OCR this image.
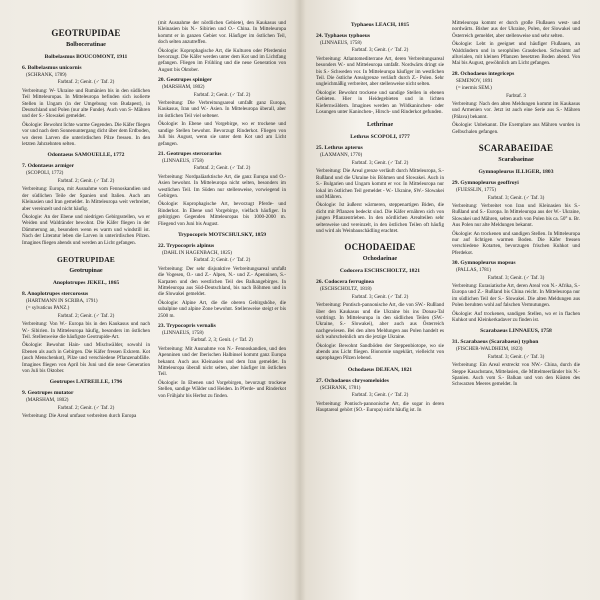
GEOTRUPIDAE
Bolboceratinae
Bolbelasmus BOUCOMONT, 1911
6. Bolbelasmus unicornis
(SCHRANK, 1789)
Farbtaf. 2; Genit. (♂ Taf. 2)

Verbreitung: W- Ukraine und Rumänien bis in den südlichen Teil Mitteleuropas. In Mitteleuropa befinden sich isolierte Stellen in Ungarn (in der Umgebung von Budapest), in Deutschland und Polen (nur alte Funde). Auch von S- Mähren und der S.- Slowakei gemeldet.

Ökologie: Bewohnt lichte warme Gegenden. Die Käfer fliegen vor und nach dem Sonnenuntergang dicht über dem Erdboden, wo deren Larven die unterirdischen Pilze fressen. In den letzten Jahrzehnten selten.

Odontaeus SAMOUELLE, 1772
7. Odontaeus armiger
(SCOPOLI, 1772)
Farbtaf. 2; Genit. (♂ Taf. 2)

Verbreitung: Europa, mit Ausnahme vom Fennoskandien und der südlichen Teile der Spanien und Italien. Auch am Kleinasien und Iran gemeldet. In Mitteleuropa weit verbreitet, aber vereinzelt und nicht häufig.

Ökologie: An der Ebene und niedrigen Gebirgsstellen, wo er Weiden und Waldränder bewohnt. Die Käfer fliegen in der Dämmerung an, besonders wenn es warm und windstill ist. Nach der Literatur leben die Larven in unterirdischen Pilzen. Imagines fliegen abends und werden an Licht gefangen.

GEOTRUPIDAE
Geotrupinae
Anoplotrupes JEKEL, 1865
8. Anoplotrupes stercorosus
(HARTMANN IN SCRIBA, 1791)
(= sylvaticus PANZ.)
Farbtaf. 2; Genit. (♂ Taf. 2)

Verbreitung: Von W.- Europa bis in den Kaukasus und nach W.- Sibirien. In Mitteleuropa häufig, besonders im östlichen Teil. Stellenweise die häufigste Geotrupide-Art.

Ökologie: Bewohnt Hain- und Mischwälder, sowohl in Ebenen als auch in Gebirgen. Die Käfer fressen Exkrem. Kot (auch Menschenkot), Pilze und verschiedene Pflanzenabfälle. Imagines fliegen von April bis Juni und die neue Generation von Juli bis Oktober.

Geotrupes LATREILLE, 1796
9. Geotrupes mutator
(MARSHAM, 1802)
Farbtaf. 2; Genit. (♂ Taf. 2)

Verbreitung: Die Areal umfasst verbreiten durch Europa

(mit Ausnahme der nördlichen Gebiete), den Kaukasus und Kleinasien bis N.- Sibirien und O.- China. In Mitteleuropa kommt er in ganzen Gebiet vor. Häufiger im östlichen Teil, doch selten anzutreffen.

Ökologie: Koprophagische Art, die Kulturen oder Pferdemist bevorzugt. Die Käfer werden unter dem Kot und im Lichtfang gefangen. Fliegen im Frühling und die neue Generation von August bis Oktober.

20. Geotrupes spiniger
(MARSHAM, 1802)
Farbtaf. 2; Genit. (♂ Taf. 2)

Verbreitung: Die Verbreitungsareal umfaßt ganz Europa, Kaukasus, Iran und W.- Asien. In Mitteleuropa überall, aber im östlichen Teil viel seltener.

Ökologie: In Ebene und Vorgebirge, wo er trockene und sandige Stellen bewohnt. Bevorzugt Rinderkot. Fliegen von Juli bis August, wenn sie unter dem Kot und am Licht gefangen.

21. Geotrupes stercorarius
(LINNAEUS, 1758)
Farbtaf. 2; Genit. (♂ Taf. 2)

Verbreitung: Nordpaläarktische Art, die ganz Europa und O.- Asien bewohnt. In Mitteleuropa nicht selten, besonders im westlichen Teil. Im Süden nur stellenweise, vorwiegend in Gebirgen.

Ökologie: Koprophagische Art, bevorzugt Pferde- und Rinderkot. In Ebene und Vorgebirge, vielfach häufiger. In gebirgigen Gegenden Mitteleuropas bis 1000-2000 m. Fliegend von Juni bis August.

Trypocopris MOTSCHULSKY, 1859
22. Trypocopris alpinus
(DAHL IN HAGENBACH, 1825)
Farbtaf. 2; Genit. (♂ Taf. 2)

Verbreitung: Der sehr disjunktive Verbreitungsareal umfaßt die Vogesen, O.- und Z.- Alpen, N.- und Z.- Apenninen, S.- Karpaten und den westlichen Teil des Balkangebirges. In Mitteleuropa aus Süd-Deutschland, bis nach Böhmen und in die Slowakei gemeldet.

Ökologie: Alpine Art, die die oberen Gebirgshöhe, die subalpine und alpine Zone bewohnt. Stellenweise steigt er bis 2500 m.

23. Trypocopris vernalis
(LINNAEUS, 1758)
Farbtaf. 2, 3; Genit. (♂ Taf. 2)

Verbreitung: Mit Ausnahme von N.- Fennoskandien, und den Apenninen und der Iberischen Halbinsel kommt ganz Europa bekannt. Auch aus Kleinasien und dem Iran gemeldet. In Mitteleuropa überall nicht selten, aber häufiger im östlichen Teil.

Ökologie: In Ebenen und Vorgebirgen, bevorzugt trockene Stellen, sandige Wälder und Heiden. In Pferde- und Rinderkot von Frühjahr bis Herbst zu finden.

Typhaeus LEACH, 1815
24. Typhaeus typhoeus
(LINNAEUS, 1758)
Farbtaf. 3; Genit. (♂ Taf. 2)

Verbreitung: Atlantomediterrane Art, deren Verbreitungsareal besonders W.- und Mitteleuropa umfaßt. Nordwärts dringt sie bis S.- Schweden vor. In Mitteleuropa häufiger im westlichen Teil. Die östliche Arealgrenze verläuft durch Z.- Polen. Sehr ungleichmäßig verbreitet, aber stellenweise nicht selten.

Ökologie: Bewohnt trockene und sandige Stellen in ebenen Gebieten. Hier in Heidegebieten und in lichten Kiefernwäldern. Imagines werden an Wildkaninchen- oder Losungen unter Kaninchen-, Hirsch- und Rinderkot gefunden.

Lethrinae
Lethrus SCOPOLI, 1777
25. Lethrus apterus
(LAXMANN, 1770)
Farbtaf. 3; Genit. (♂ Taf. 2)

Verbreitung: Die Areal grenze verläuft durch Mitteleuropa, S.- Rußland und die Ukraine bis Böhmen und Slowakei. Auch in S.- Bulgarien und Ungarn kommt er vor. In Mitteleuropa nur lokal im östlichen Teil gemeldet - W.- Ukraine, SW.- Slowakei und Mähren.

Ökologie: Ist äußerst wärmeren, steppenartigen Biden, die dicht mit Pflanzen bedeckt sind. Die Käfer ernähren sich von jungen Pflanzentrieben. In den nördlichen Arealteilen sehr seltenweise und vereinzelt, in den östlichen Teilen oft häufig und wird als Weinbauschädling erachtet.

OCHODAEIDAE
Ochodaeinae
Codocera ESCHSCHOLTZ, 1821
26. Codocera ferruginea
(ESCHSCHOLTZ, 1818)
Farbtaf. 3; Genit. (♂ Taf. 2)

Verbreitung: Pontisch-pannonische Art, die von SW.- Rußland über den Kaukasus und die Ukraine bis ins Donau-Tal vordringt. In Mitteleuropa in den südlichen Teilen (SW.- Ukraine, S.- Slowakei), aber auch aus Österreich nachgewiesen. Bei den alten Meldungen aus Polen handelt es sich wahrscheinlich um die jetzige Ukraine.

Ökologie: Bewohnt Sandböden der Steppenbiotope, wo sie abends ans Licht fliegen. Bionomie ungeklärt, vielleicht von saprophagen Pilzen lebend.

Ochodaeus DEJEAN, 1821
27. Ochodaeus chrysomeloides
(SCHRANK, 1781)
Farbtaf. 3; Genit. (♂ Taf. 2)

Verbreitung: Pontisch-pannonische Art, die sogar in deren Hauptareal gehört (SO.- Europa) nicht häufig ist. In

Mitteleuropa kommt er durch große Flußauen west- und nordwärts. Bisher aus der Ukraine, Polen, der Slowakei und Österreich gemeldet, aber stellenweise und sehr selten.

Ökologie: Lebt in geeignet und häufiger Flußauen, an Waldrändern und in xerophilen Grasdecken. Schwärmt auf alluvialen, mit kleinen Pflanzen besetzten Boden abend. Von Mai bis August, gewöhnlich am Licht gefangen.

28. Ochodaeus integriceps
SEMENOV, 1891
(= inermis SEM.)
Farbtaf. 3

Verbreitung: Nach den alten Meldungen kommt im Kaukasus und Armenien vor. Jetzt ist auch eine Serie aus S.- Mähren (Pálava) bekannt.

Ökologie: Unbekannt. Die Exemplare aus Mähren wurden in Gelbschalen gefangen.

SCARABAEIDAE
Scarabaeinae
Gymnopleurus ILLIGER, 1803
29. Gymnopleurus geoffroyi
(FUESSLIN, 1775)
Farbtaf. 3; Genit. (♂ Taf. 3)

Verbreitung: Verbreitet von Iran und Kleinasien bis S.- Rußland und S.- Europa. In Mitteleuropa aus der W.- Ukraine, Slowakei und Mähren, selten auch von Polen bis ca. 50° n. Br. Aus Polen nur alte Meldungen bekannt.

Ökologie: An trockenen und sandigen Stellen. In Mitteleuropa nur auf lichtigen warmen Boden. Die Käfer fressen verschiedene Kotarten, bevorzugen frischen Kuhkot und Pferdekot.

30. Gymnopleurus mopsus
(PALLAS, 1781)
Farbtaf. 3; Genit. (♂ Taf. 3)

Verbreitung: Eurasiatische Art, deren Areal von N.- Afrika, S.- Europa und Z.- Rußland bis China reicht. In Mitteleuropa nur im südlichen Teil der S.- Slowakei. Die alten Meldungen aus Polen beruhten wohl auf falschen Vermutungen.

Ökologie: Auf trockenen, sandigen Stellen, wo er in flachen Kuhkot und Kleinkerkadaver zu finden ist.

Scarabaeus LINNAEUS, 1758
31. Scarabaeus (Scarabaeus) typhon
(FISCHER-WALDHEIM, 1823)
Farbtaf. 3; Genit. (♂ Taf. 3)

Verbreitung: Ein Areal erstreckt von NW.- China, durch die Steppe Kasachstans, Mittelasien, die Mittelmeerländer bis N.- Spanien. Auch vom S.- Balkan und von den Küsten des Schwarzen Meeres gemeldet. In
